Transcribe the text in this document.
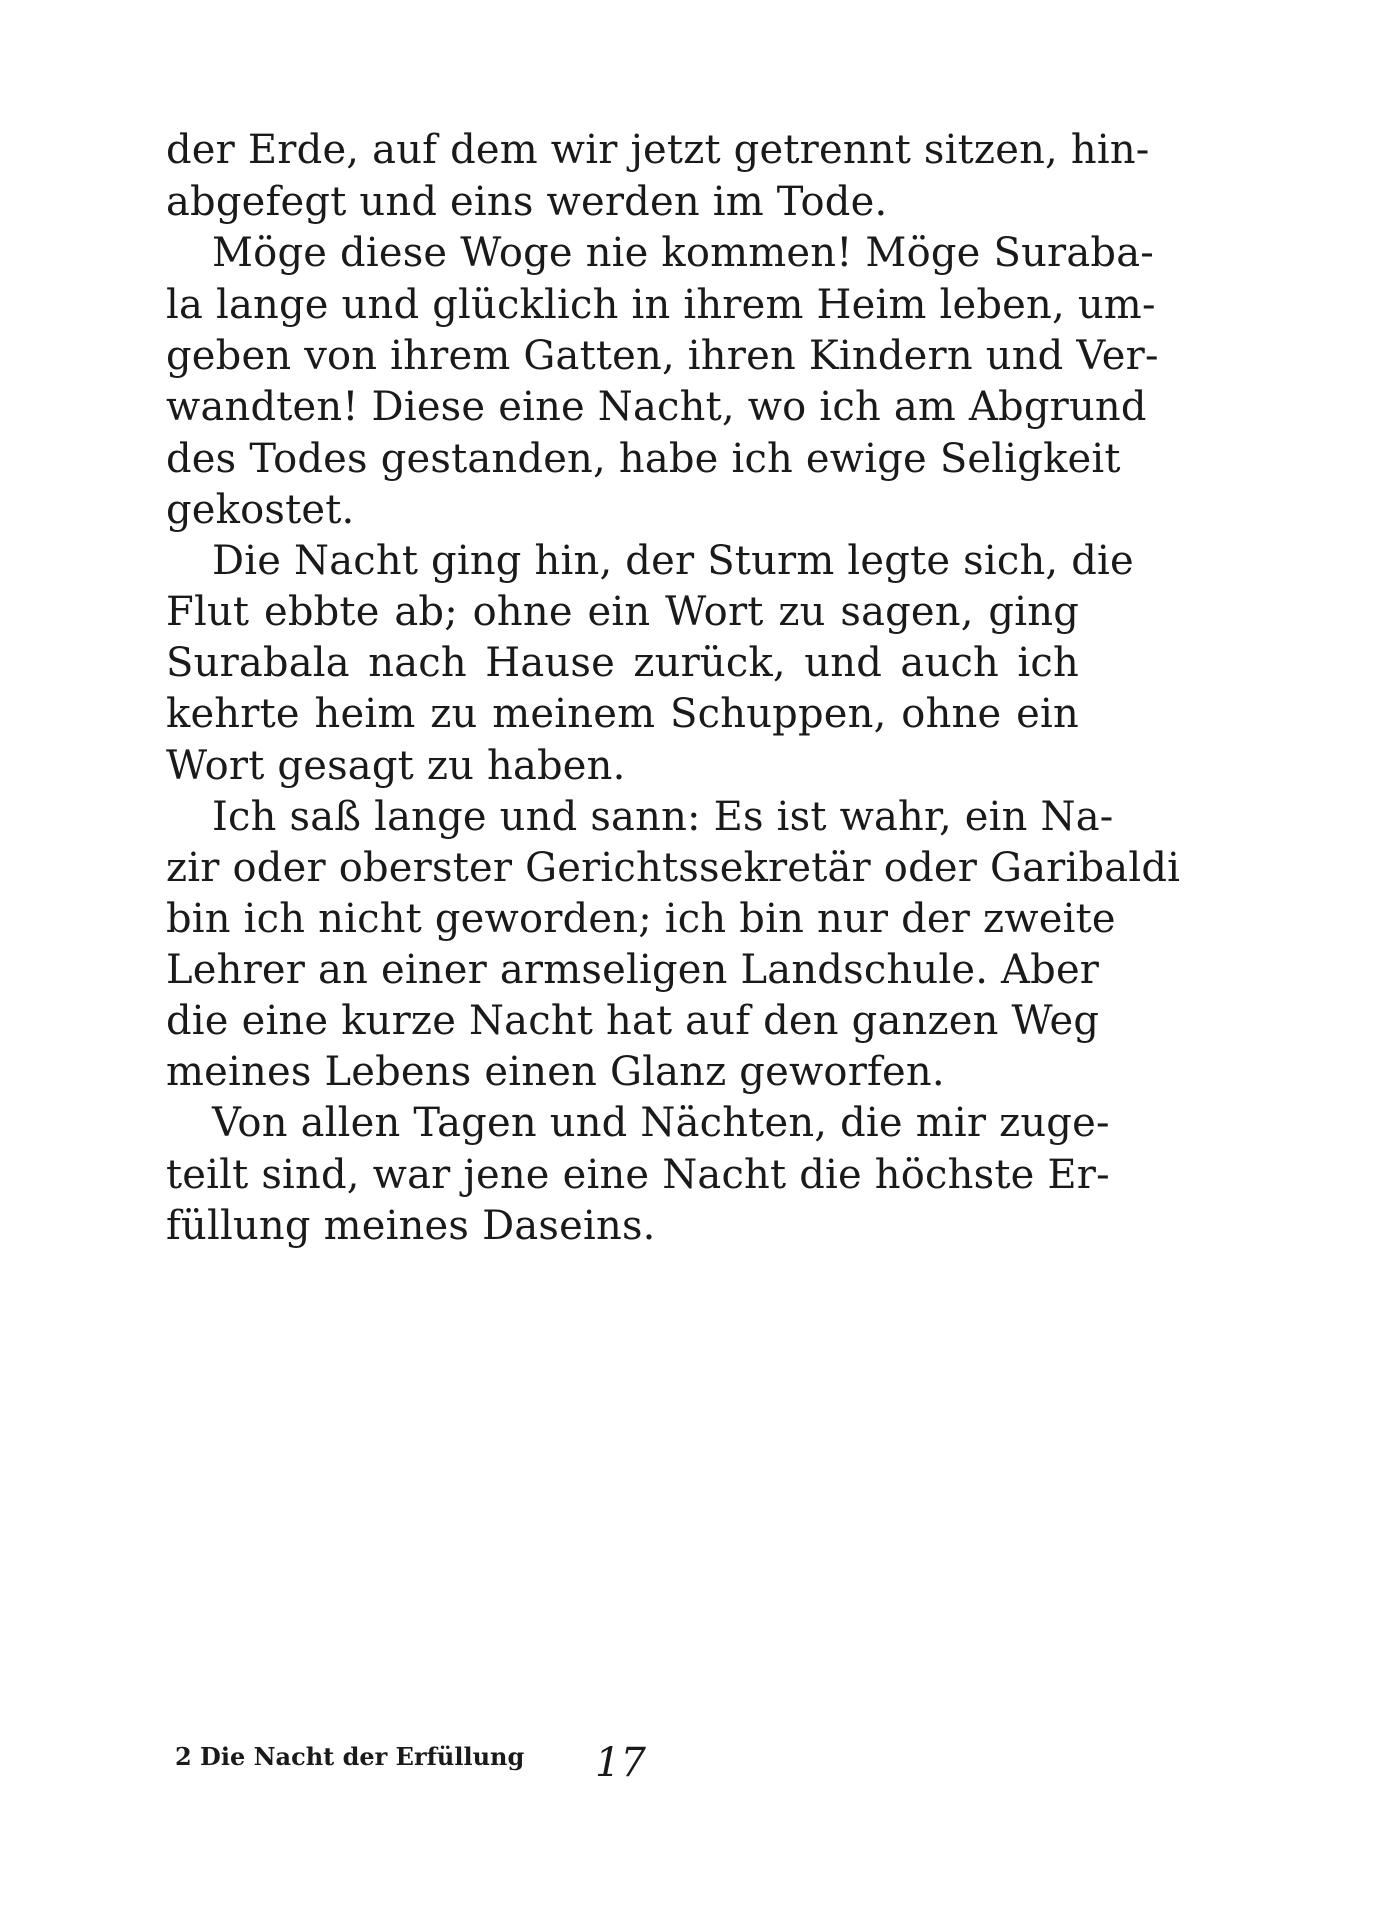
der Erde, auf dem wir jetzt getrennt sitzen, hin-
abgefegt und eins werden im Tode.
Möge diese Woge nie kommen! Möge Suraba-
la lange und glücklich in ihrem Heim leben, um-
geben von ihrem Gatten, ihren Kindern und Ver-
wandten! Diese eine Nacht, wo ich am Abgrund
des Todes gestanden, habe ich ewige Seligkeit
gekostet.
Die Nacht ging hin, der Sturm legte sich, die
Flut ebbte ab; ohne ein Wort zu sagen, ging
Surabala nach Hause zurück, und auch ich
kehrte heim zu meinem Schuppen, ohne ein
Wort gesagt zu haben.
Ich saß lange und sann: Es ist wahr, ein Na-
zir oder oberster Gerichtssekretär oder Garibaldi
bin ich nicht geworden; ich bin nur der zweite
Lehrer an einer armseligen Landschule. Aber
die eine kurze Nacht hat auf den ganzen Weg
meines Lebens einen Glanz geworfen.
Von allen Tagen und Nächten, die mir zuge-
teilt sind, war jene eine Nacht die höchste Er-
füllung meines Daseins.
2 Die Nacht der Erfüllung 17
